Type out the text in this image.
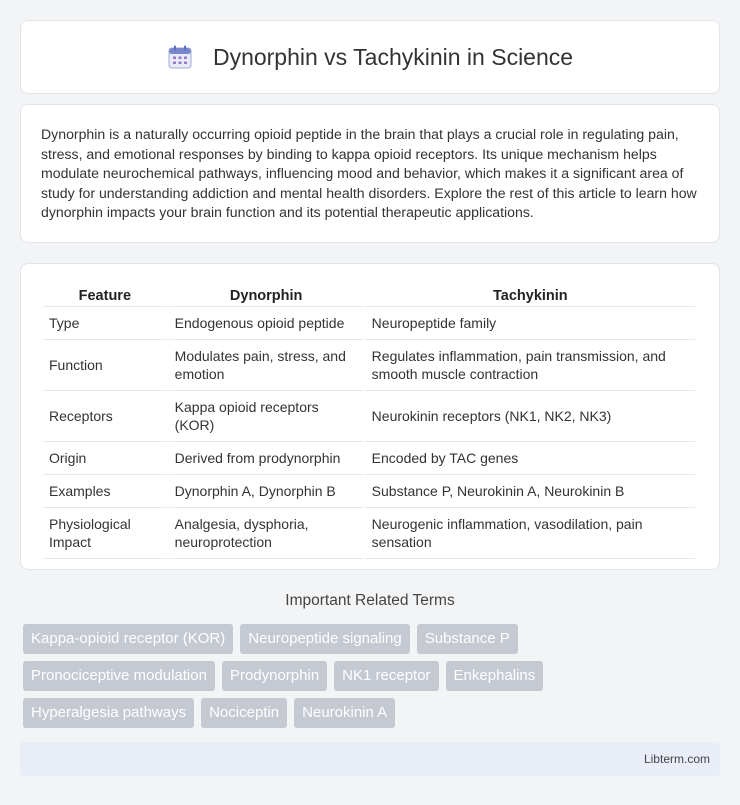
Dynorphin vs Tachykinin in Science

Dynorphin is a naturally occurring opioid peptide in the brain that plays a crucial role in regulating pain, stress, and emotional responses by binding to kappa opioid receptors. Its unique mechanism helps modulate neurochemical pathways, influencing mood and behavior, which makes it a significant area of study for understanding addiction and mental health disorders. Explore the rest of this article to learn how dynorphin impacts your brain function and its potential therapeutic applications.

Feature	Dynorphin	Tachykinin
Type	Endogenous opioid peptide	Neuropeptide family
Function	Modulates pain, stress, and emotion	Regulates inflammation, pain transmission, and smooth muscle contraction
Receptors	Kappa opioid receptors (KOR)	Neurokinin receptors (NK1, NK2, NK3)
Origin	Derived from prodynorphin	Encoded by TAC genes
Examples	Dynorphin A, Dynorphin B	Substance P, Neurokinin A, Neurokinin B
Physiological Impact	Analgesia, dysphoria, neuroprotection	Neurogenic inflammation, vasodilation, pain sensation
Important Related Terms
Kappa-opioid receptor (KOR)	Neuropeptide signaling	Substance P
Pronociceptive modulation	Prodynorphin	NK1 receptor	Enkephalins
Hyperalgesia pathways	Nociceptin	Neurokinin A
Libterm.com
